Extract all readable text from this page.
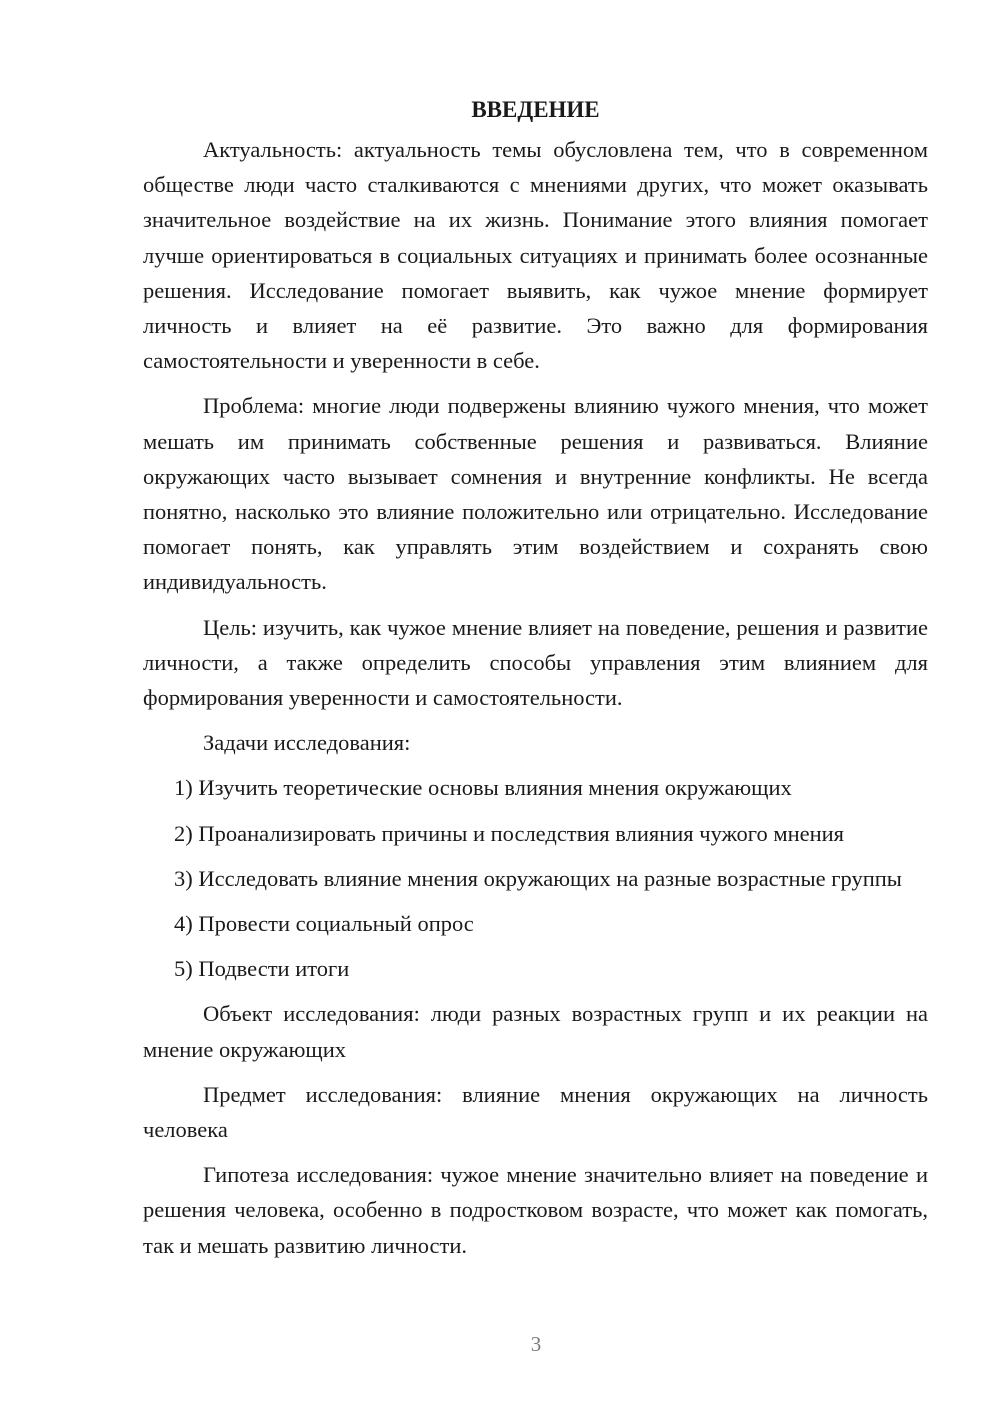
ВВЕДЕНИЕ

Актуальность: актуальность темы обусловлена тем, что в современном обществе люди часто сталкиваются с мнениями других, что может оказывать значительное воздействие на их жизнь. Понимание этого влияния помогает лучше ориентироваться в социальных ситуациях и принимать более осознанные решения. Исследование помогает выявить, как чужое мнение формирует личность и влияет на её развитие. Это важно для формирования самостоятельности и уверенности в себе.

Проблема: многие люди подвержены влиянию чужого мнения, что может мешать им принимать собственные решения и развиваться. Влияние окружающих часто вызывает сомнения и внутренние конфликты. Не всегда понятно, насколько это влияние положительно или отрицательно. Исследование помогает понять, как управлять этим воздействием и сохранять свою индивидуальность.

Цель: изучить, как чужое мнение влияет на поведение, решения и развитие личности, а также определить способы управления этим влиянием для формирования уверенности и самостоятельности.

Задачи исследования:

1) Изучить теоретические основы влияния мнения окружающих

2) Проанализировать причины и последствия влияния чужого мнения

3) Исследовать влияние мнения окружающих на разные возрастные группы

4) Провести социальный опрос

5) Подвести итоги

Объект исследования: люди разных возрастных групп и их реакции на мнение окружающих

Предмет исследования: влияние мнения окружающих на личность человека

Гипотеза исследования: чужое мнение значительно влияет на поведение и решения человека, особенно в подростковом возрасте, что может как помогать, так и мешать развитию личности.

3
